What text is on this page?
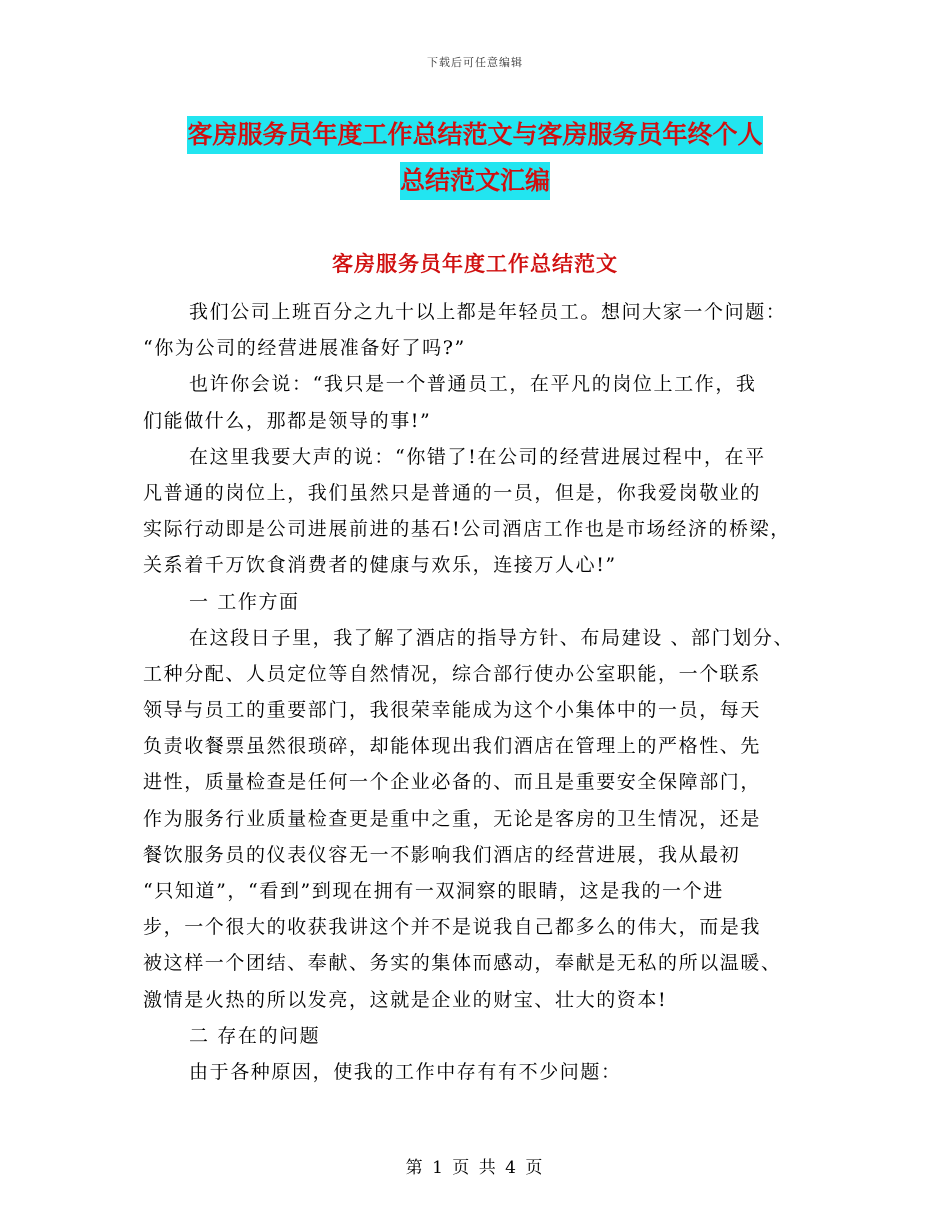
下载后可任意编辑
客房服务员年度工作总结范文与客房服务员年终个人
总结范文汇编
客房服务员年度工作总结范文
我们公司上班百分之九十以上都是年轻员工。想问大家一个问题：
“你为公司的经营进展准备好了吗?”
也许你会说：“我只是一个普通员工，在平凡的岗位上工作，我
们能做什么，那都是领导的事!”
在这里我要大声的说：“你错了!在公司的经营进展过程中，在平
凡普通的岗位上，我们虽然只是普通的一员，但是，你我爱岗敬业的
实际行动即是公司进展前进的基石!公司酒店工作也是市场经济的桥梁，
关系着千万饮食消费者的健康与欢乐，连接万人心!”
一 工作方面
在这段日子里，我了解了酒店的指导方针、布局建设 、部门划分、
工种分配、人员定位等自然情况，综合部行使办公室职能，一个联系
领导与员工的重要部门，我很荣幸能成为这个小集体中的一员，每天
负责收餐票虽然很琐碎，却能体现出我们酒店在管理上的严格性、先
进性，质量检查是任何一个企业必备的、而且是重要安全保障部门，
作为服务行业质量检查更是重中之重，无论是客房的卫生情况，还是
餐饮服务员的仪表仪容无一不影响我们酒店的经营进展，我从最初
“只知道”，“看到”到现在拥有一双洞察的眼睛，这是我的一个进
步，一个很大的收获我讲这个并不是说我自己都多么的伟大，而是我
被这样一个团结、奉献、务实的集体而感动，奉献是无私的所以温暖、
激情是火热的所以发亮，这就是企业的财宝、壮大的资本!
二 存在的问题
由于各种原因，使我的工作中存有有不少问题：
第 1 页 共 4 页
